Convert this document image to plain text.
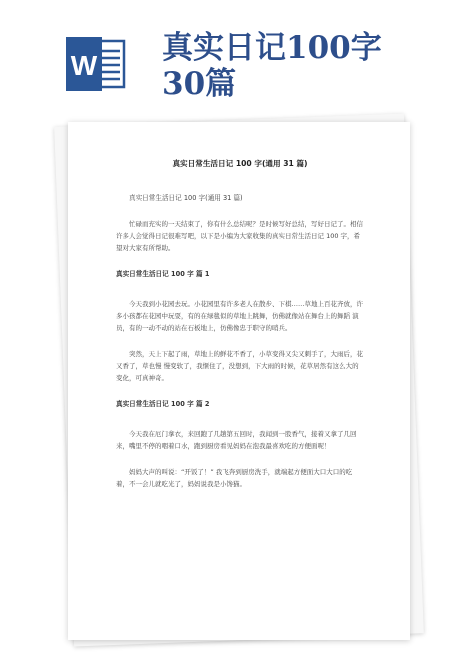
W 真实日记100字
30篇
真实日常生活日记 100 字(通用 31 篇)
真实日常生活日记 100 字(通用 31 篇)
忙碌而充实的一天结束了，你有什么总结呢？是时候写好总结，写好日记了。相信许多人会觉得日记很难写吧，以下是小编为大家收集的真实日常生活日记 100 字，希望对大家有所帮助。
真实日常生活日记 100 字 篇 1
今天我到小花园去玩。小花园里有许多老人在散步、下棋……草地上百花齐放，许多小孩都在花园中玩耍，有的在绿毯似的草地上跳舞，仿佛就像站在舞台上的舞蹈 演员，有的一动不动的站在石板地上，仿佛像忠于职守的哨兵。
突然，天上下起了雨，草地上的鲜花不香了，小草变得又尖又刺手了，大雨后，花又香了，草也慢 慢变软了，我惬住了，没想到，下大雨的时候，花草居然有这么大的变化，可真神奇。
真实日常生活日记 100 字 篇 2
今天我在厄门拿衣，来回跑了几趟第五回时，我闻到一股香气，接着又拿了几回来，嘴里不停的咽着口水，跑到厨房看见妈妈在泡我最喜欢吃的方便面呢！
妈妈大声的叫说：“开饭了！” 我飞奔到厨房洗手，就端起方便面大口大口的吃着，不一会儿就吃光了，妈妈说我是小馋猫。
